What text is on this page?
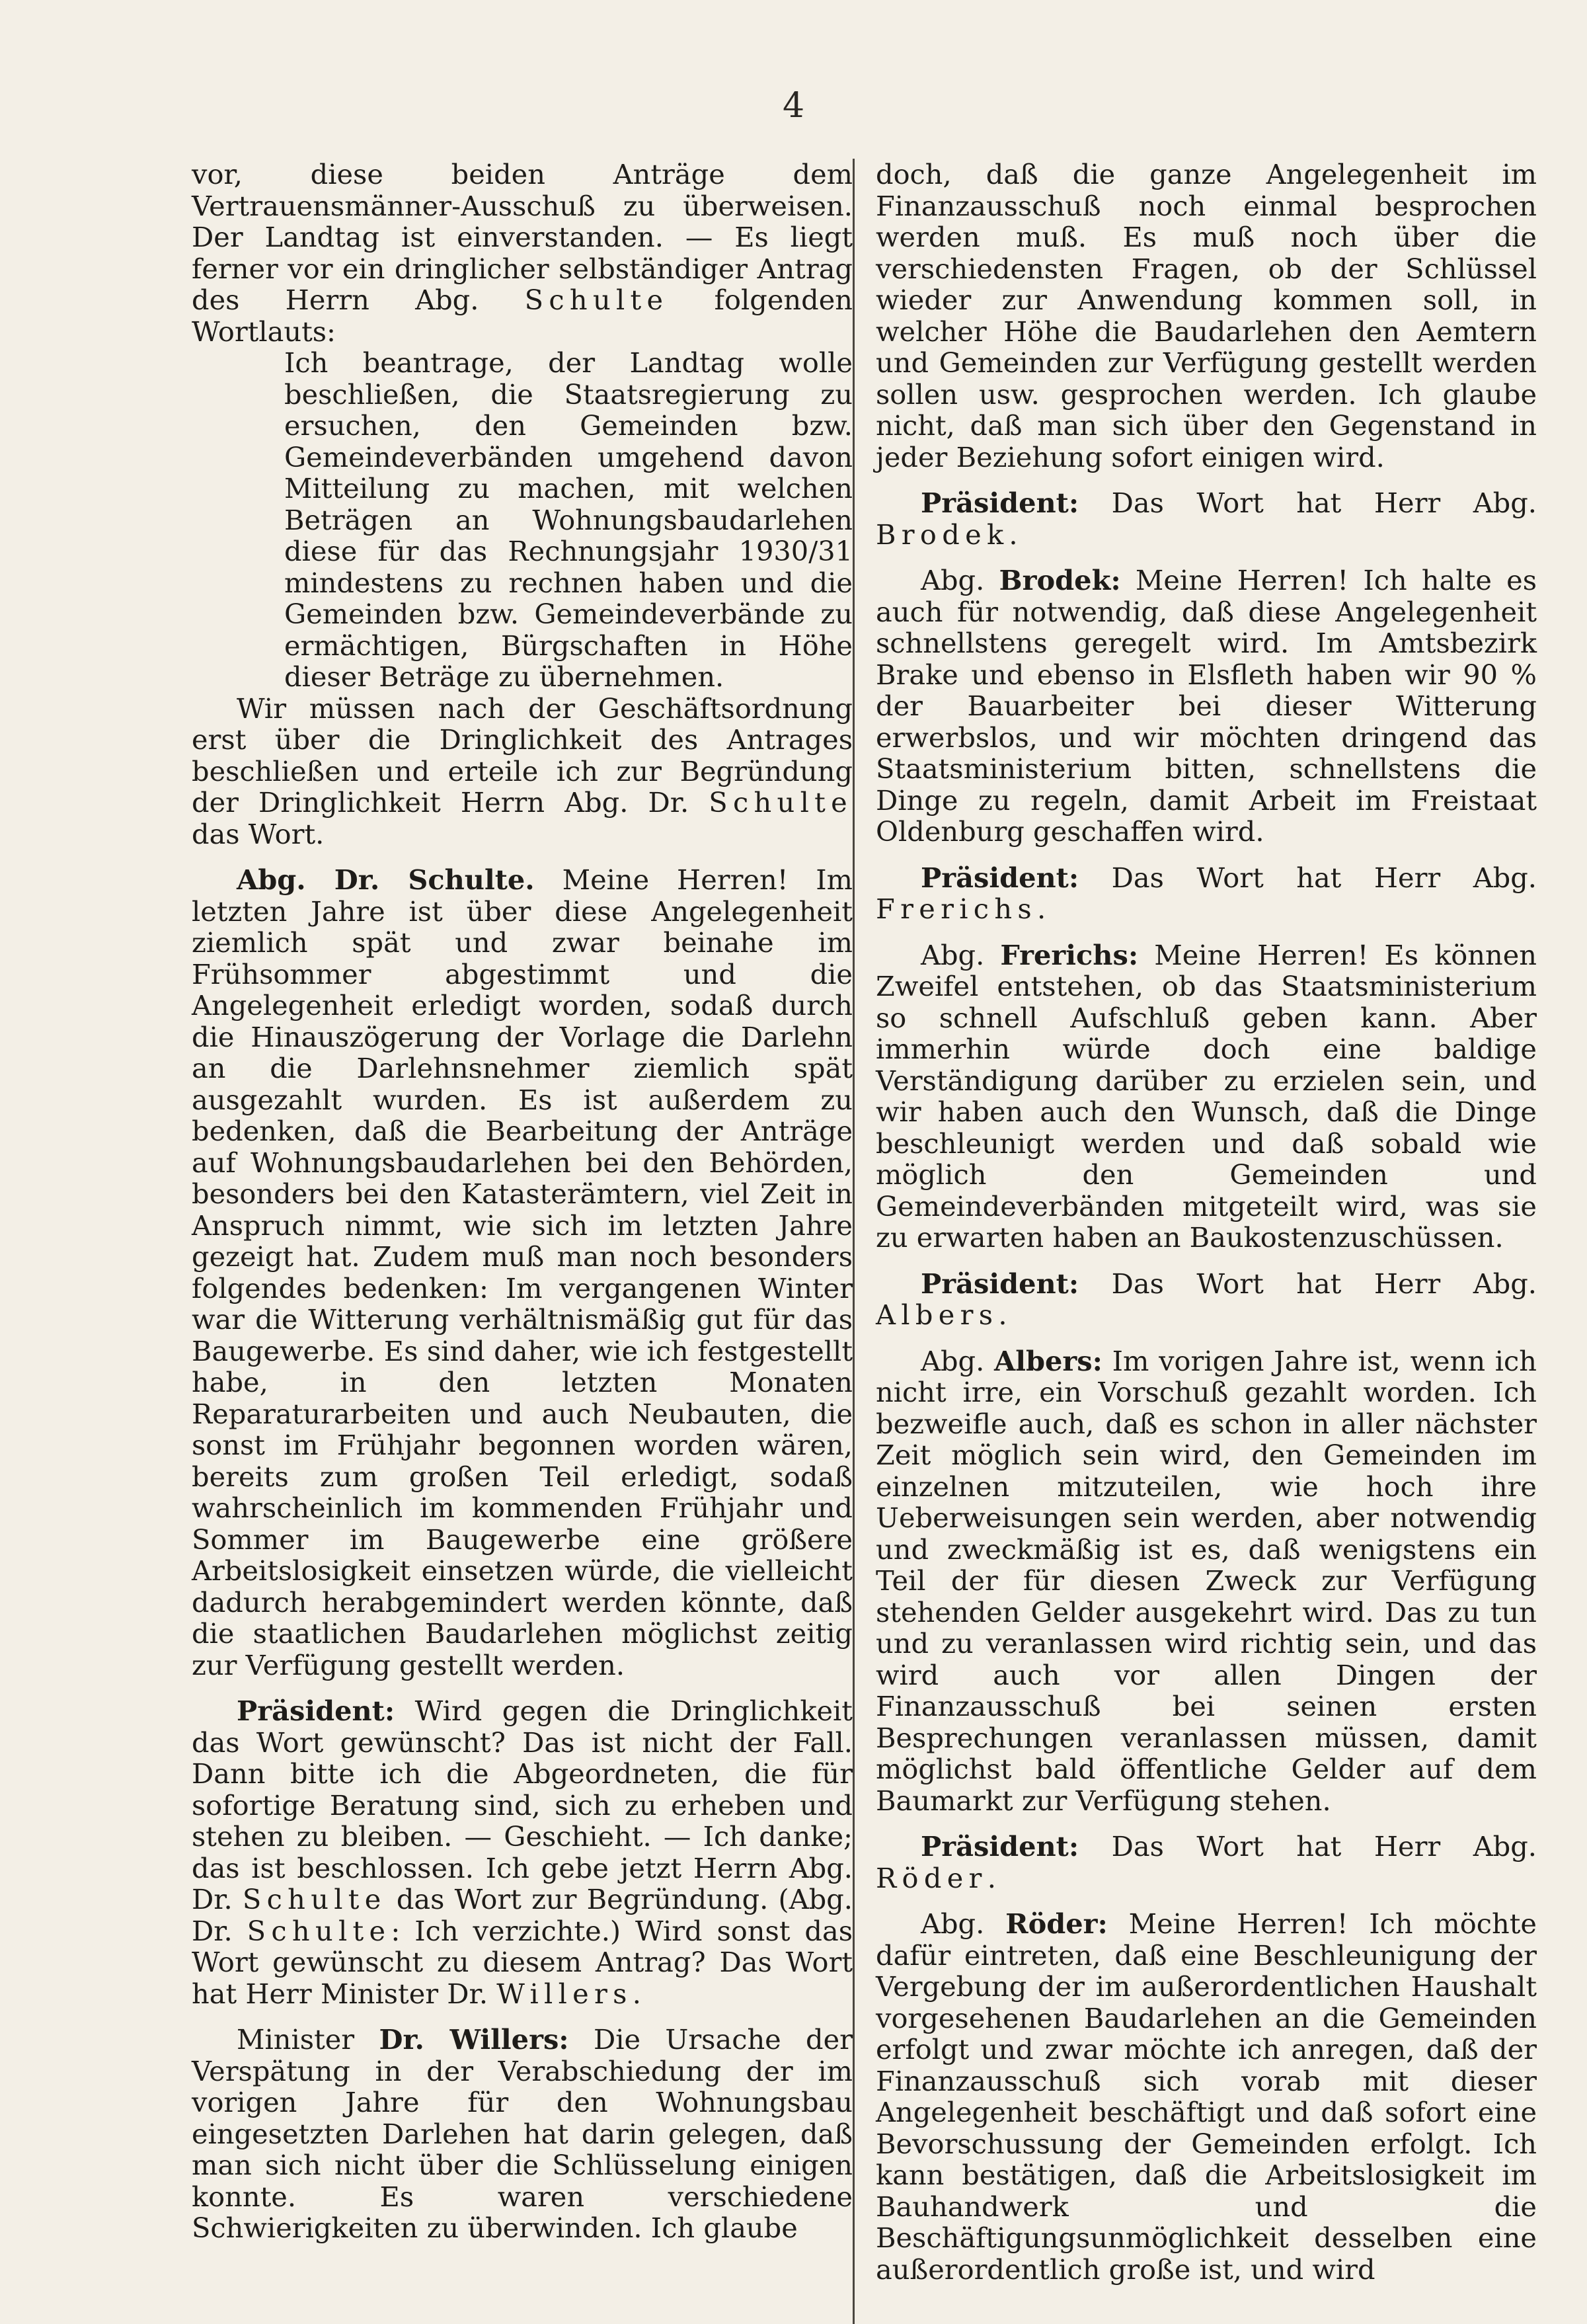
4

vor, diese beiden Anträge dem Vertrauensmänner-Ausschuß zu überweisen. Der Landtag ist einverstanden. — Es liegt ferner vor ein dringlicher selbständiger Antrag des Herrn Abg. Schulte folgenden Wortlauts:

Ich beantrage, der Landtag wolle beschließen, die Staatsregierung zu ersuchen, den Gemeinden bzw. Gemeindeverbänden umgehend davon Mitteilung zu machen, mit welchen Beträgen an Wohnungsbaudarlehen diese für das Rechnungsjahr 1930/31 mindestens zu rechnen haben und die Gemeinden bzw. Gemeindeverbände zu ermächtigen, Bürgschaften in Höhe dieser Beträge zu übernehmen.

Wir müssen nach der Geschäftsordnung erst über die Dringlichkeit des Antrages beschließen und erteile ich zur Begründung der Dringlichkeit Herrn Abg. Dr. Schulte das Wort.

Abg. Dr. Schulte. Meine Herren! Im letzten Jahre ist über diese Angelegenheit ziemlich spät und zwar beinahe im Frühsommer abgestimmt und die Angelegenheit erledigt worden, sodaß durch die Hinauszögerung der Vorlage die Darlehn an die Darlehnsnehmer ziemlich spät ausgezahlt wurden. Es ist außerdem zu bedenken, daß die Bearbeitung der Anträge auf Wohnungsbaudarlehen bei den Behörden, besonders bei den Katasterämtern, viel Zeit in Anspruch nimmt, wie sich im letzten Jahre gezeigt hat. Zudem muß man noch besonders folgendes bedenken: Im vergangenen Winter war die Witterung verhältnismäßig gut für das Baugewerbe. Es sind daher, wie ich festgestellt habe, in den letzten Monaten Reparaturarbeiten und auch Neubauten, die sonst im Frühjahr begonnen worden wären, bereits zum großen Teil erledigt, sodaß wahrscheinlich im kommenden Frühjahr und Sommer im Baugewerbe eine größere Arbeitslosigkeit einsetzen würde, die vielleicht dadurch herabgemindert werden könnte, daß die staatlichen Baudarlehen möglichst zeitig zur Verfügung gestellt werden.

Präsident: Wird gegen die Dringlichkeit das Wort gewünscht? Das ist nicht der Fall. Dann bitte ich die Abgeordneten, die für sofortige Beratung sind, sich zu erheben und stehen zu bleiben. — Geschieht. — Ich danke; das ist beschlossen. Ich gebe jetzt Herrn Abg. Dr. Schulte das Wort zur Begründung. (Abg. Dr. Schulte: Ich verzichte.) Wird sonst das Wort gewünscht zu diesem Antrag? Das Wort hat Herr Minister Dr. Willers.

Minister Dr. Willers: Die Ursache der Verspätung in der Verabschiedung der im vorigen Jahre für den Wohnungsbau eingesetzten Darlehen hat darin gelegen, daß man sich nicht über die Schlüsselung einigen konnte. Es waren verschiedene Schwierigkeiten zu überwinden. Ich glaube

doch, daß die ganze Angelegenheit im Finanzausschuß noch einmal besprochen werden muß. Es muß noch über die verschiedensten Fragen, ob der Schlüssel wieder zur Anwendung kommen soll, in welcher Höhe die Baudarlehen den Aemtern und Gemeinden zur Verfügung gestellt werden sollen usw. gesprochen werden. Ich glaube nicht, daß man sich über den Gegenstand in jeder Beziehung sofort einigen wird.

Präsident: Das Wort hat Herr Abg. Brodek.

Abg. Brodek: Meine Herren! Ich halte es auch für notwendig, daß diese Angelegenheit schnellstens geregelt wird. Im Amtsbezirk Brake und ebenso in Elsfleth haben wir 90 % der Bauarbeiter bei dieser Witterung erwerbslos, und wir möchten dringend das Staatsministerium bitten, schnellstens die Dinge zu regeln, damit Arbeit im Freistaat Oldenburg geschaffen wird.

Präsident: Das Wort hat Herr Abg. Frerichs.

Abg. Frerichs: Meine Herren! Es können Zweifel entstehen, ob das Staatsministerium so schnell Aufschluß geben kann. Aber immerhin würde doch eine baldige Verständigung darüber zu erzielen sein, und wir haben auch den Wunsch, daß die Dinge beschleunigt werden und daß sobald wie möglich den Gemeinden und Gemeindeverbänden mitgeteilt wird, was sie zu erwarten haben an Baukostenzuschüssen.

Präsident: Das Wort hat Herr Abg. Albers.

Abg. Albers: Im vorigen Jahre ist, wenn ich nicht irre, ein Vorschuß gezahlt worden. Ich bezweifle auch, daß es schon in aller nächster Zeit möglich sein wird, den Gemeinden im einzelnen mitzuteilen, wie hoch ihre Ueberweisungen sein werden, aber notwendig und zweckmäßig ist es, daß wenigstens ein Teil der für diesen Zweck zur Verfügung stehenden Gelder ausgekehrt wird. Das zu tun und zu veranlassen wird richtig sein, und das wird auch vor allen Dingen der Finanzausschuß bei seinen ersten Besprechungen veranlassen müssen, damit möglichst bald öffentliche Gelder auf dem Baumarkt zur Verfügung stehen.

Präsident: Das Wort hat Herr Abg. Röder.

Abg. Röder: Meine Herren! Ich möchte dafür eintreten, daß eine Beschleunigung der Vergebung der im außerordentlichen Haushalt vorgesehenen Baudarlehen an die Gemeinden erfolgt und zwar möchte ich anregen, daß der Finanzausschuß sich vorab mit dieser Angelegenheit beschäftigt und daß sofort eine Bevorschussung der Gemeinden erfolgt. Ich kann bestätigen, daß die Arbeitslosigkeit im Bauhandwerk und die Beschäftigungsunmöglichkeit desselben eine außerordentlich große ist, und wird
